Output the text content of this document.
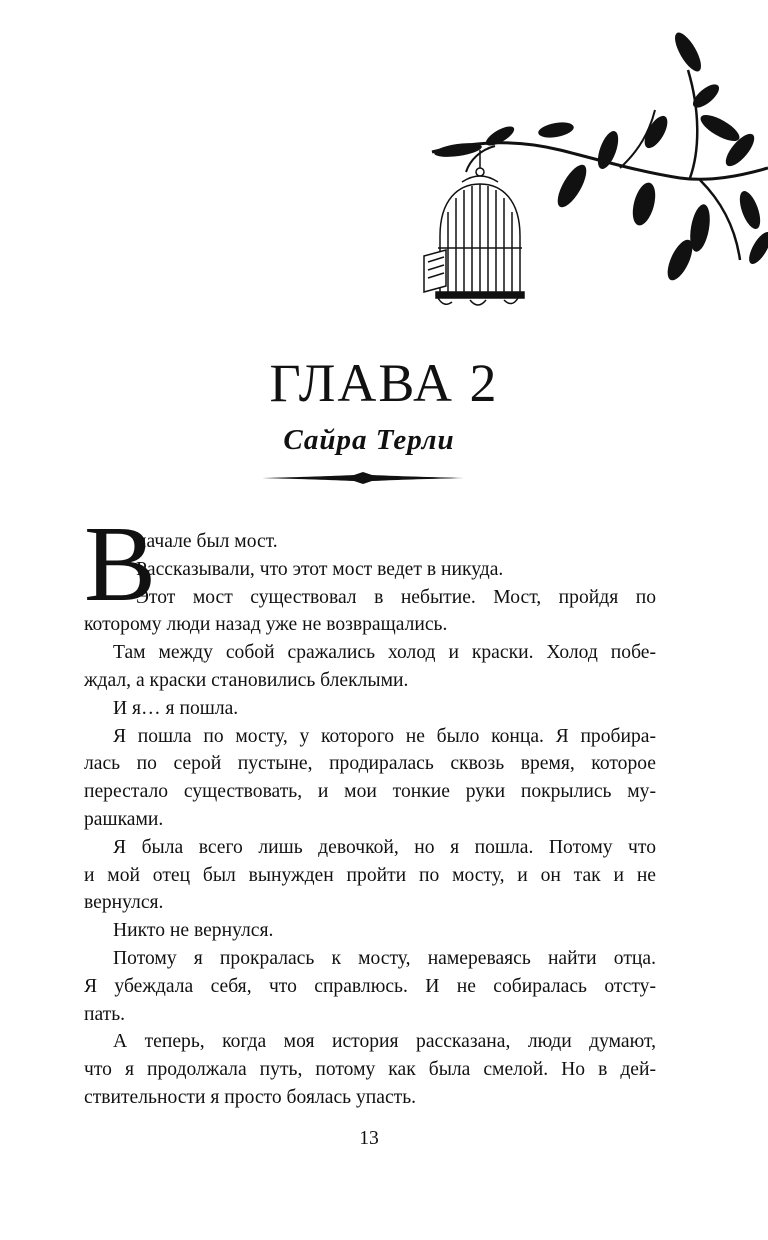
ГЛАВА 2
Сайра Терли
В

начале был мост.
Рассказывали, что этот мост ведет в никуда.
Этот мост существовал в небытие. Мост, пройдя по
которому люди назад уже не возвращались.

Там между собой сражались холод и краски. Холод побе-
ждал, а краски становились блеклыми.

И я… я пошла.

Я пошла по мосту, у которого не было конца. Я пробира-
лась по серой пустыне, продиралась сквозь время, которое
перестало существовать, и мои тонкие руки покрылись му-
рашками.

Я была всего лишь девочкой, но я пошла. Потому что
и мой отец был вынужден пройти по мосту, и он так и не
вернулся.

Никто не вернулся.

Потому я прокралась к мосту, намереваясь найти отца.
Я убеждала себя, что справлюсь. И не собиралась отсту-
пать.

А теперь, когда моя история рассказана, люди думают,
что я продолжала путь, потому как была смелой. Но в дей-
ствительности я просто боялась упасть.

13
